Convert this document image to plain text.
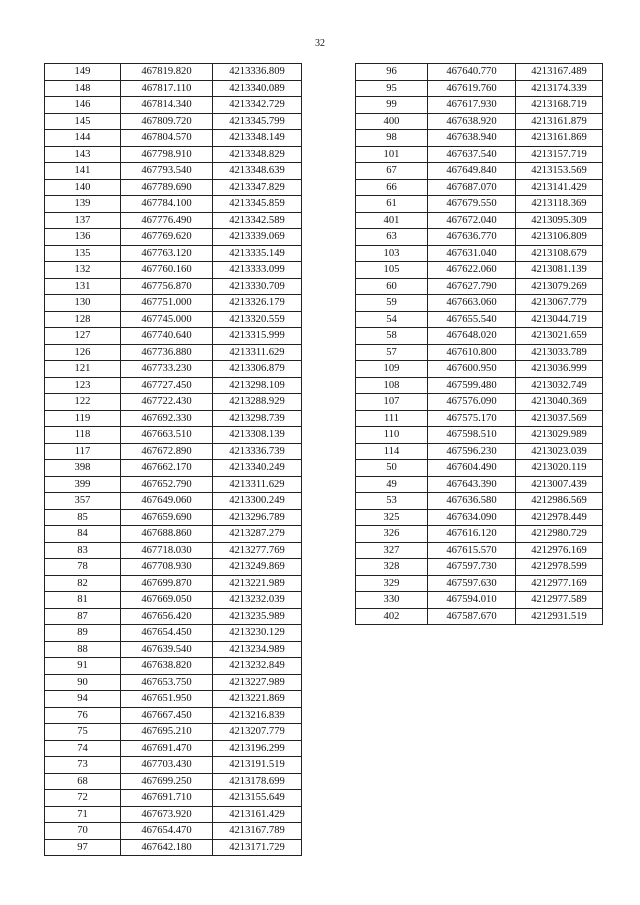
32
149	467819.820	4213336.809
148	467817.110	4213340.089
146	467814.340	4213342.729
145	467809.720	4213345.799
144	467804.570	4213348.149
143	467798.910	4213348.829
141	467793.540	4213348.639
140	467789.690	4213347.829
139	467784.100	4213345.859
137	467776.490	4213342.589
136	467769.620	4213339.069
135	467763.120	4213335.149
132	467760.160	4213333.099
131	467756.870	4213330.709
130	467751.000	4213326.179
128	467745.000	4213320.559
127	467740.640	4213315.999
126	467736.880	4213311.629
121	467733.230	4213306.879
123	467727.450	4213298.109
122	467722.430	4213288.929
119	467692.330	4213298.739
118	467663.510	4213308.139
117	467672.890	4213336.739
398	467662.170	4213340.249
399	467652.790	4213311.629
357	467649.060	4213300.249
85	467659.690	4213296.789
84	467688.860	4213287.279
83	467718.030	4213277.769
78	467708.930	4213249.869
82	467699.870	4213221.989
81	467669.050	4213232.039
87	467656.420	4213235.989
89	467654.450	4213230.129
88	467639.540	4213234.989
91	467638.820	4213232.849
90	467653.750	4213227.989
94	467651.950	4213221.869
76	467667.450	4213216.839
75	467695.210	4213207.779
74	467691.470	4213196.299
73	467703.430	4213191.519
68	467699.250	4213178.699
72	467691.710	4213155.649
71	467673.920	4213161.429
70	467654.470	4213167.789
97	467642.180	4213171.729
96	467640.770	4213167.489
95	467619.760	4213174.339
99	467617.930	4213168.719
400	467638.920	4213161.879
98	467638.940	4213161.869
101	467637.540	4213157.719
67	467649.840	4213153.569
66	467687.070	4213141.429
61	467679.550	4213118.369
401	467672.040	4213095.309
63	467636.770	4213106.809
103	467631.040	4213108.679
105	467622.060	4213081.139
60	467627.790	4213079.269
59	467663.060	4213067.779
54	467655.540	4213044.719
58	467648.020	4213021.659
57	467610.800	4213033.789
109	467600.950	4213036.999
108	467599.480	4213032.749
107	467576.090	4213040.369
111	467575.170	4213037.569
110	467598.510	4213029.989
114	467596.230	4213023.039
50	467604.490	4213020.119
49	467643.390	4213007.439
53	467636.580	4212986.569
325	467634.090	4212978.449
326	467616.120	4212980.729
327	467615.570	4212976.169
328	467597.730	4212978.599
329	467597.630	4212977.169
330	467594.010	4212977.589
402	467587.670	4212931.519
